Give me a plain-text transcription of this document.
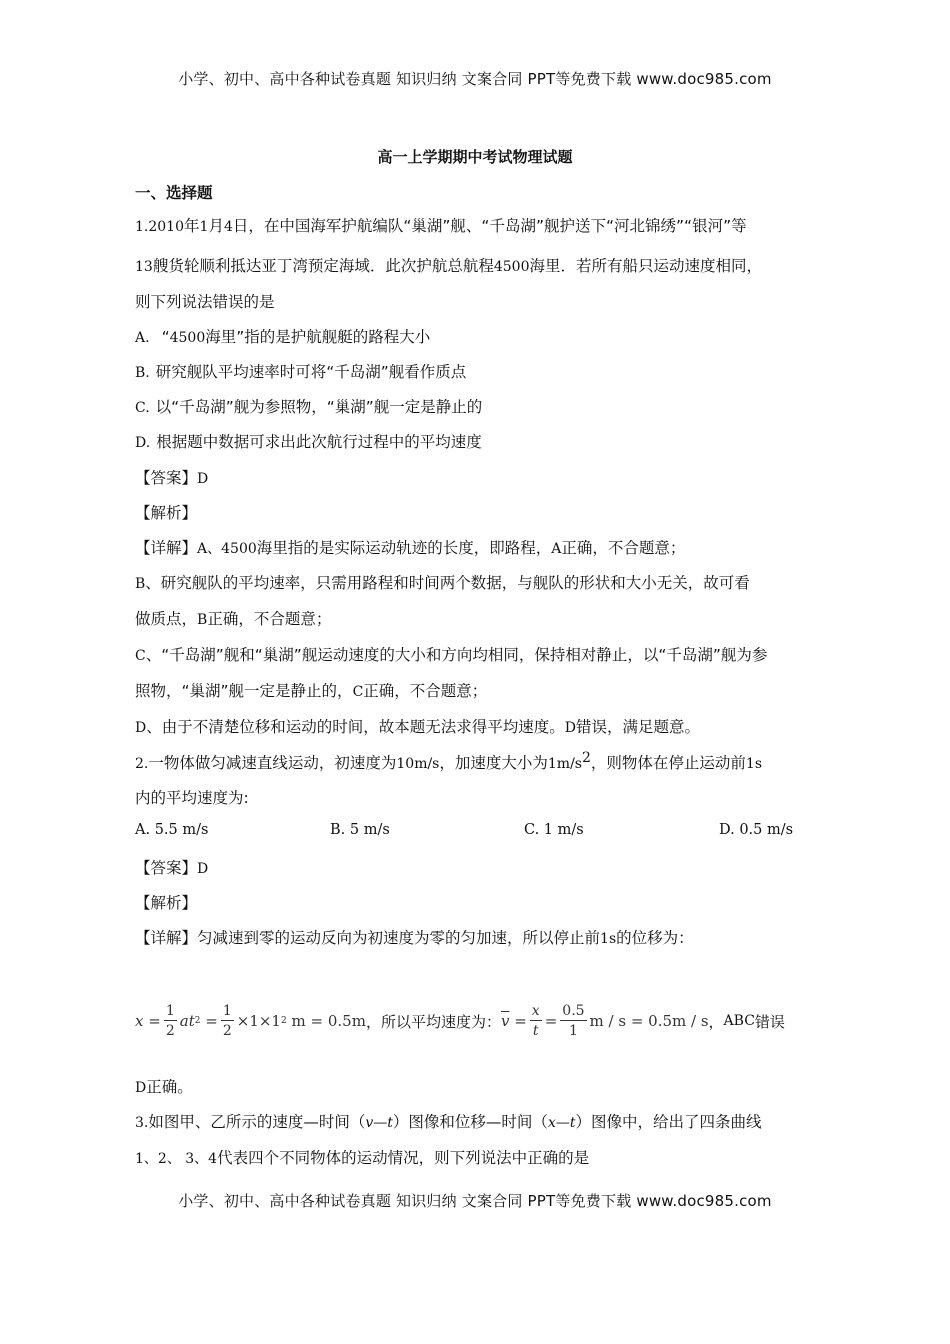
小学、初中、高中各种试卷真题 知识归纳 文案合同 PPT等免费下载 www.doc985.com
高一上学期期中考试物理试题
一、选择题
1.2010年1月4日，在中国海军护航编队“巢湖”舰、“千岛湖”舰护送下“河北锦绣”“银河”等
13艘货轮顺利抵达亚丁湾预定海域．此次护航总航程4500海里．若所有船只运动速度相同，
则下列说法错误的是
A. “4500海里”指的是护航舰艇的路程大小
B. 研究舰队平均速率时可将“千岛湖”舰看作质点
C. 以“千岛湖”舰为参照物，“巢湖”舰一定是静止的
D. 根据题中数据可求出此次航行过程中的平均速度
【答案】D
【解析】
【详解】A、4500海里指的是实际运动轨迹的长度，即路程，A正确，不合题意；
B、研究舰队的平均速率，只需用路程和时间两个数据，与舰队的形状和大小无关，故可看
做质点，B正确，不合题意；
C、“千岛湖”舰和“巢湖”舰运动速度的大小和方向均相同，保持相对静止，以“千岛湖”舰为参
照物，“巢湖”舰一定是静止的，C正确，不合题意；
D、由于不清楚位移和运动的时间，故本题无法求得平均速度。D错误，满足题意。
2.一物体做匀减速直线运动，初速度为10m/s，加速度大小为$1m/s^2$，则物体在停止运动前1s
内的平均速度为:
A. 5.5 m/s	B. 5 m/s	C. 1 m/s	D. 0.5 m/s
【答案】D
【解析】
【详解】匀减速到零的运动反向为初速度为零的匀加速，所以停止前1s的位移为：
x
= $\frac{1}{2}$ at 2
= $\frac{1}{2} \times 1\times 1$ 2
m
= 0.5m ，所以平均速度为： $\overline{v}$
= $\frac{x}{t} = \frac{0.5}{1}$ m / s = 0.5m / s ， ABC 错误
D正确。
3.如图甲、乙所示的速度—时间（v—t）图像和位移—时间（x—t）图像中，给出了四条曲线
1、2、 3、4代表四个不同物体的运动情况，则下列说法中正确的是
小学、初中、高中各种试卷真题 知识归纳 文案合同 PPT等免费下载 www.doc985.com
